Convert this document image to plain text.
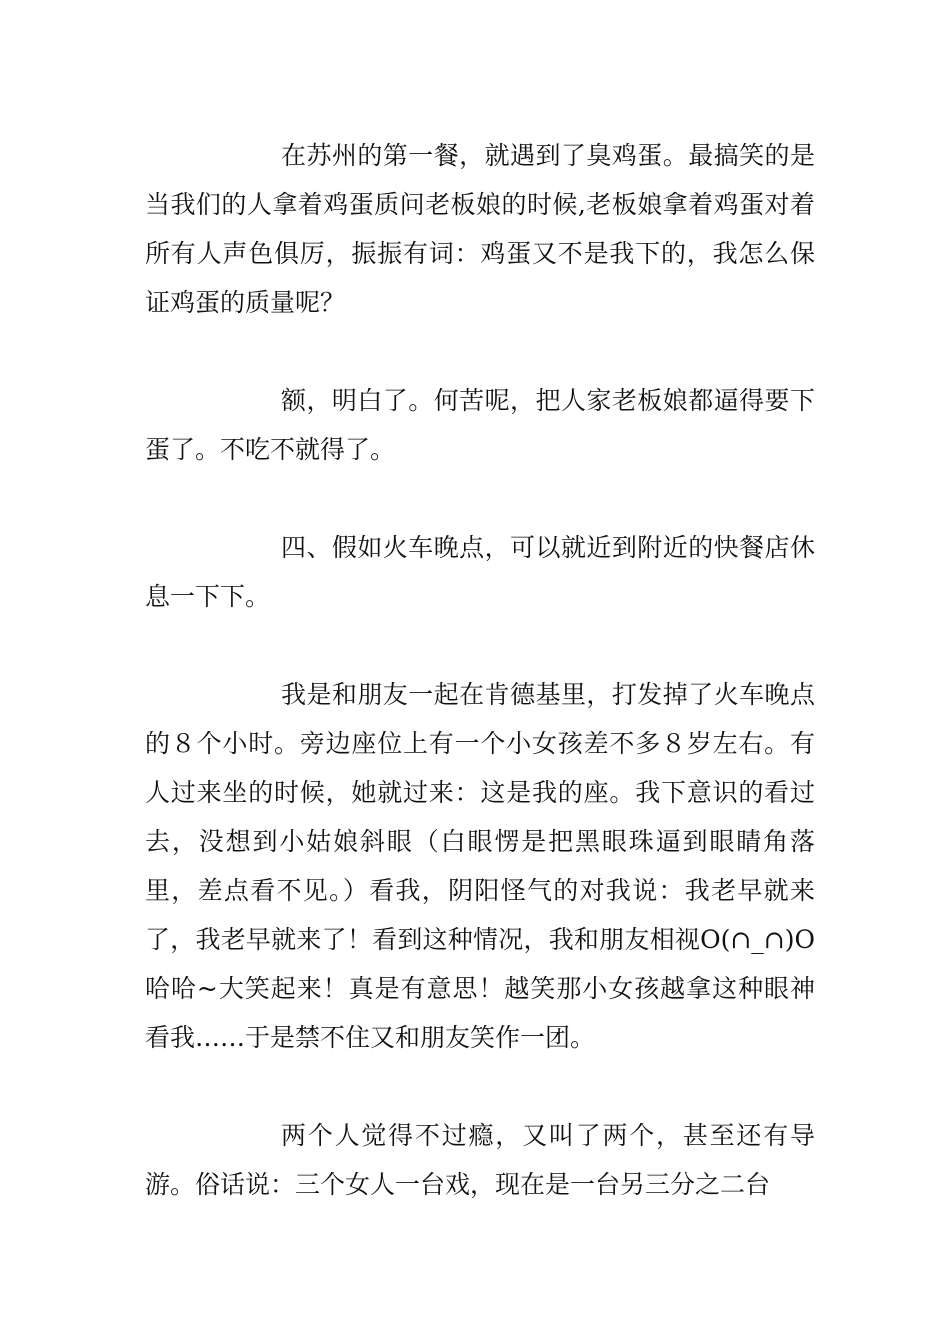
在苏州的第一餐，就遇到了臭鸡蛋。最搞笑的是当我们的人拿着鸡蛋质问老板娘的时候,老板娘拿着鸡蛋对着所有人声色俱厉，振振有词：鸡蛋又不是我下的，我怎么保证鸡蛋的质量呢？

额，明白了。何苦呢，把人家老板娘都逼得要下蛋了。不吃不就得了。

四、假如火车晚点，可以就近到附近的快餐店休息一下下。

我是和朋友一起在肯德基里，打发掉了火车晚点的８个小时。旁边座位上有一个小女孩差不多８岁左右。有人过来坐的时候，她就过来：这是我的座。我下意识的看过去，没想到小姑娘斜眼（白眼愣是把黑眼珠逼到眼睛角落里，差点看不见。）看我，阴阳怪气的对我说：我老早就来了，我老早就来了！看到这种情况，我和朋友相视O(∩_∩)O哈哈~大笑起来！真是有意思！越笑那小女孩越拿这种眼神看我……于是禁不住又和朋友笑作一团。

两个人觉得不过瘾，又叫了两个，甚至还有导游。俗话说：三个女人一台戏，现在是一台另三分之二台
